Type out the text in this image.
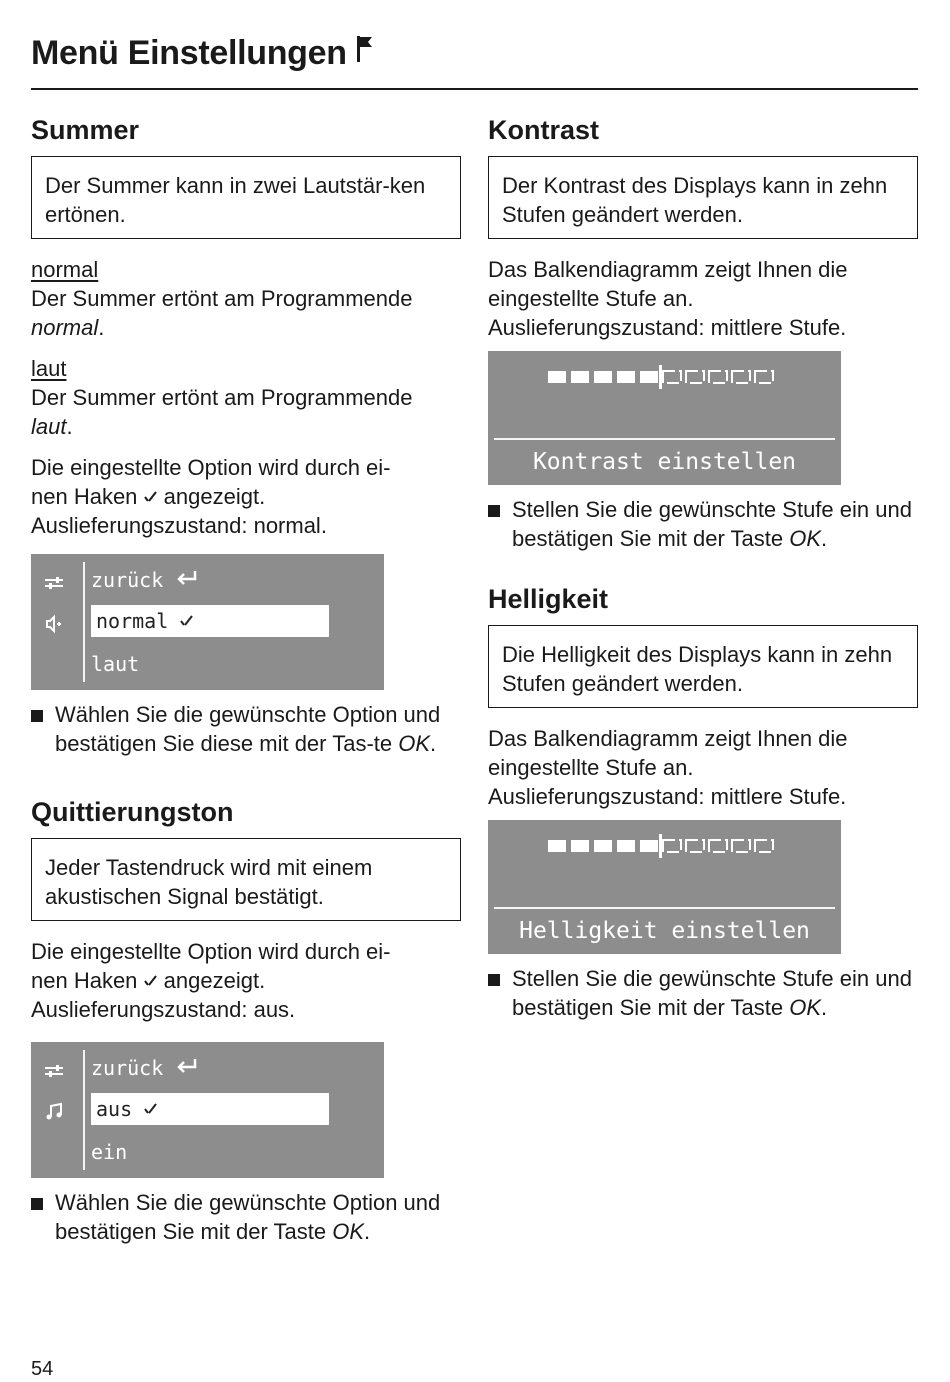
Menü Einstellungen
Summer
Der Summer kann in zwei Lautstär-ken ertönen.

normal
Der Summer ertönt am Programmende
normal.

laut
Der Summer ertönt am Programmende
laut.

Die eingestellte Option wird durch ei-
nen Haken angezeigt.
Auslieferungszustand: normal.

zurück
normal
laut
Wählen Sie die gewünschte Option und bestätigen Sie diese mit der Tas-te OK.
Quittierungston
Jeder Tastendruck wird mit einem akustischen Signal bestätigt.

Die eingestellte Option wird durch ei-
nen Haken angezeigt.
Auslieferungszustand: aus.

zurück
aus
ein
Wählen Sie die gewünschte Option und bestätigen Sie mit der Taste OK.
Kontrast
Der Kontrast des Displays kann in zehn Stufen geändert werden.

Das Balkendiagramm zeigt Ihnen die
eingestellte Stufe an.
Auslieferungszustand: mittlere Stufe.

Kontrast einstellen
Stellen Sie die gewünschte Stufe ein und bestätigen Sie mit der Taste OK.
Helligkeit
Die Helligkeit des Displays kann in zehn Stufen geändert werden.

Das Balkendiagramm zeigt Ihnen die
eingestellte Stufe an.
Auslieferungszustand: mittlere Stufe.

Helligkeit einstellen
Stellen Sie die gewünschte Stufe ein und bestätigen Sie mit der Taste OK.
54
